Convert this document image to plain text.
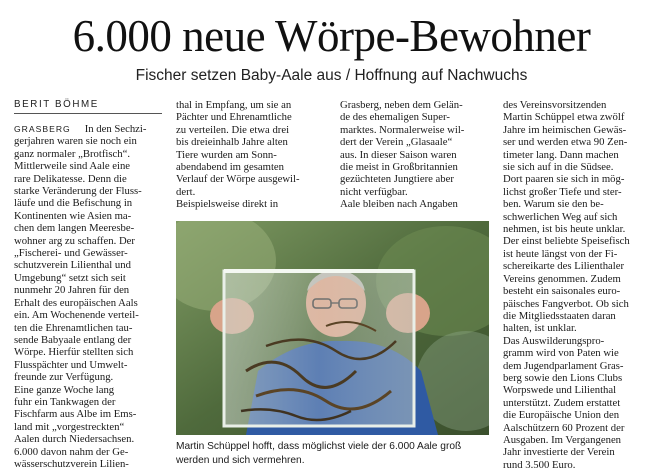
6.000 neue Wörpe-Bewohner
Fischer setzen Baby-Aale aus / Hoffnung auf Nachwuchs
BERIT BÖHME
GRASBERG In den Sechzi-
gerjahren waren sie noch ein
ganz normaler „Brotfisch“.
Mittlerweile sind Aale eine
rare Delikatesse. Denn die
starke Veränderung der Fluss-
läufe und die Befischung in
Kontinenten wie Asien ma-
chen dem langen Meeresbe-
wohner arg zu schaffen. Der
„Fischerei- und Gewässer-
schutzverein Lilienthal und
Umgebung“ setzt sich seit
nunmehr 20 Jahren für den
Erhalt des europäischen Aals
ein. Am Wochenende verteil-
ten die Ehrenamtlichen tau-
sende Babyaale entlang der
Wörpe. Hierfür stellten sich
Flusspächter und Umwelt-
freunde zur Verfügung.
Eine ganze Woche lang
fuhr ein Tankwagen der
Fischfarm aus Albe im Ems-
land mit „vorgestreckten“
Aalen durch Niedersachsen.
6.000 davon nahm der Ge-
wässerschutzverein Lilien-
thal in Empfang, um sie an
Pächter und Ehrenamtliche
zu verteilen. Die etwa drei
bis dreieinhalb Jahre alten
Tiere wurden am Sonn-
abendabend im gesamten
Verlauf der Wörpe ausgewil-
dert.
Beispielsweise direkt in
Grasberg, neben dem Gelän-
de des ehemaligen Super-
marktes. Normalerweise wil-
dert der Verein „Glasaale“
aus. In dieser Saison waren
die meist in Großbritannien
gezüchteten Jungtiere aber
nicht verfügbar.
Aale bleiben nach Angaben
des Vereinsvorsitzenden
Martin Schüppel etwa zwölf
Jahre im heimischen Gewäs-
ser und werden etwa 90 Zen-
timeter lang. Dann machen
sie sich auf in die Südsee.
Dort paaren sie sich in mög-
lichst großer Tiefe und ster-
ben. Warum sie den be-
schwerlichen Weg auf sich
nehmen, ist bis heute unklar.
Der einst beliebte Speisefisch
ist heute längst von der Fi-
schereikarte des Lilienthaler
Vereins genommen. Zudem
besteht ein saisonales euro-
päisches Fangverbot. Ob sich
die Mitgliedsstaaten daran
halten, ist unklar.
Das Auswilderungspro-
gramm wird von Paten wie
dem Jugendparlament Gras-
berg sowie den Lions Clubs
Worpswede und Lilienthal
unterstützt. Zudem erstattet
die Europäische Union den
Aalschützern 60 Prozent der
Ausgaben. Im Vergangenen
Jahr investierte der Verein
rund 3.500 Euro.
Martin Schüppel hofft, dass möglichst viele der 6.000 Aale groß werden und sich vermehren.
